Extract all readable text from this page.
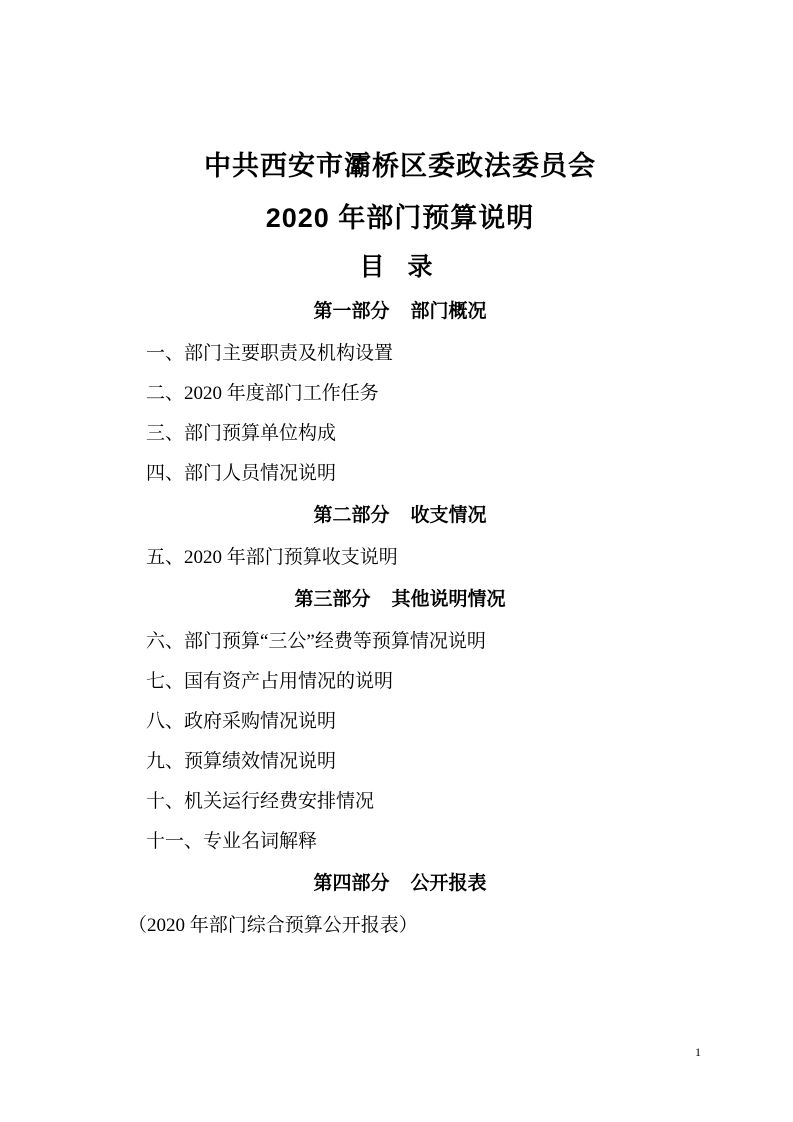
中共西安市灞桥区委政法委员会
2020 年部门预算说明
目 录
第一部分    部门概况
一、部门主要职责及机构设置
二、2020 年度部门工作任务
三、部门预算单位构成
四、部门人员情况说明
第二部分    收支情况
五、2020 年部门预算收支说明
第三部分    其他说明情况
六、部门预算“三公”经费等预算情况说明
七、国有资产占用情况的说明
八、政府采购情况说明
九、预算绩效情况说明
十、机关运行经费安排情况
十一、专业名词解释
第四部分    公开报表
（2020 年部门综合预算公开报表）
1
